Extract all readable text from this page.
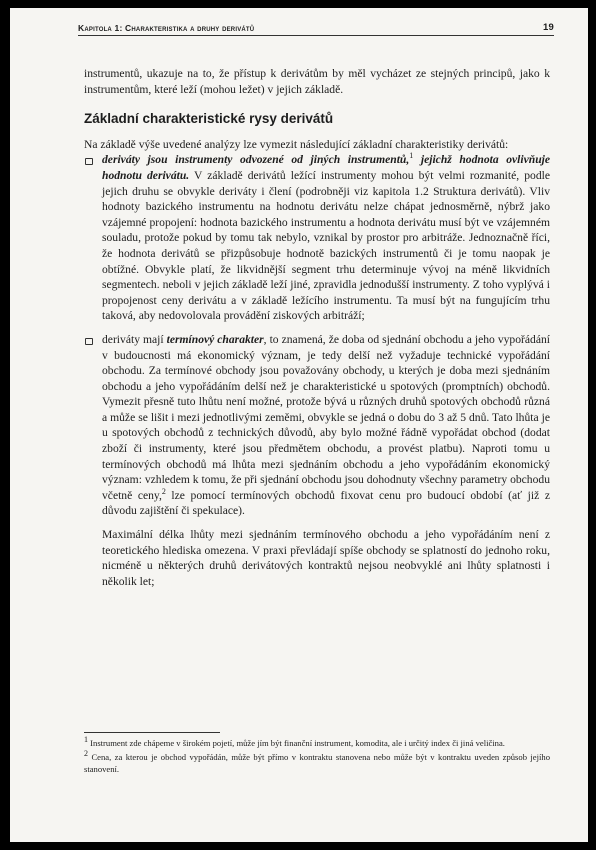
Kapitola 1: Charakteristika a druhy derivátů	19

instrumentů, ukazuje na to, že přístup k derivátům by měl vycházet ze stejných principů, jako k instrumentům, které leží (mohou ležet) v jejich základě.

Základní charakteristické rysy derivátů

Na základě výše uvedené analýzy lze vymezit následující základní charakteristiky derivátů:

deriváty jsou instrumenty odvozené od jiných instrumentů,$^1$ jejichž hodnota ovlivňuje hodnotu derivátu. V základě derivátů ležící instrumenty mohou být velmi rozmanité, podle jejich druhu se obvykle deriváty i člení (podrobněji viz kapitola 1.2 Struktura derivátů). Vliv hodnoty bazického instrumentu na hodnotu derivátu nelze chápat jednosměrně, nýbrž jako vzájemné propojení: hodnota bazického instrumentu a hodnota derivátu musí být ve vzájemném souladu, protože pokud by tomu tak nebylo, vznikal by prostor pro arbitráže. Jednoznačně říci, že hodnota derivátů se přizpůsobuje hodnotě bazických instrumentů či je tomu naopak je obtížné. Obvykle platí, že likvidnější segment trhu determinuje vývoj na méně likvidních segmentech. neboli v jejich základě leží jiné, zpravidla jednodušší instrumenty. Z toho vyplývá i propojenost ceny derivátu a v základě ležícího instrumentu. Ta musí být na fungujícím trhu taková, aby nedovolovala provádění ziskových arbitráží;

deriváty mají termínový charakter, to znamená, že doba od sjednání obchodu a jeho vypořádání v budoucnosti má ekonomický význam, je tedy delší než vyžaduje technické vypořádání obchodu. Za termínové obchody jsou považovány obchody, u kterých je doba mezi sjednáním obchodu a jeho vypořádáním delší než je charakteristické u spotových (promptních) obchodů. Vymezit přesně tuto lhůtu není možné, protože bývá u různých druhů spotových obchodů různá a může se lišit i mezi jednotlivými zeměmi, obvykle se jedná o dobu do 3 až 5 dnů. Tato lhůta je u spotových obchodů z technických důvodů, aby bylo možné řádně vypořádat obchod (dodat zboží či instrumenty, které jsou předmětem obchodu, a provést platbu). Naproti tomu u termínových obchodů má lhůta mezi sjednáním obchodu a jeho vypořádáním ekonomický význam: vzhledem k tomu, že při sjednání obchodu jsou dohodnuty všechny parametry obchodu včetně ceny,$^2$ lze pomocí termínových obchodů fixovat cenu pro budoucí období (ať již z důvodu zajištění či spekulace).

Maximální délka lhůty mezi sjednáním termínového obchodu a jeho vypořádáním není z teoretického hlediska omezena. V praxi převládají spíše obchody se splatností do jednoho roku, nicméně u některých druhů derivátových kontraktů nejsou neobvyklé ani lhůty splatnosti i několik let;

$^1$ Instrument zde chápeme v širokém pojetí, může jím být finanční instrument, komodita, ale i určitý index či jiná veličina.

$^2$ Cena, za kterou je obchod vypořádán, může být přímo v kontraktu stanovena nebo může být v kontraktu uveden způsob jejího stanovení.
